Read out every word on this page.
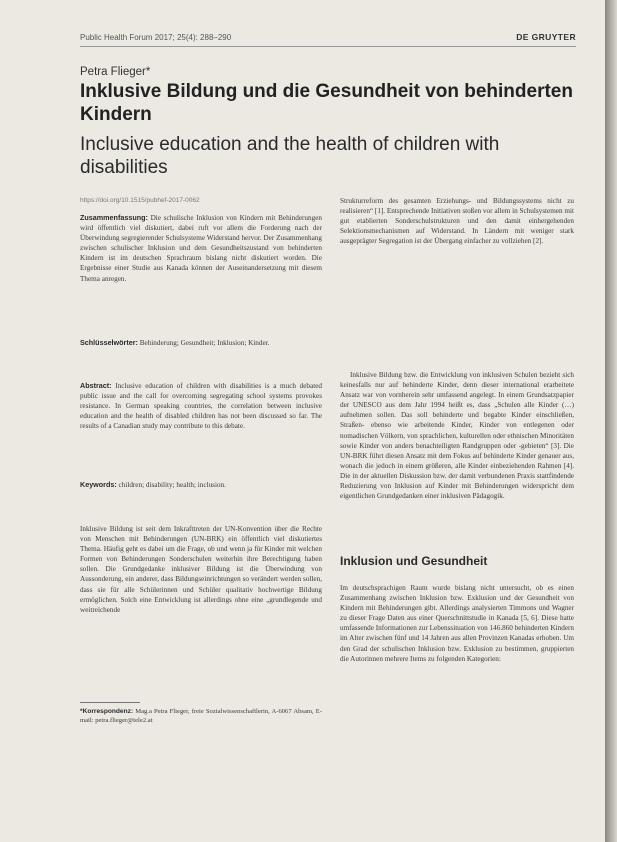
Public Health Forum 2017; 25(4): 288–290	DE GRUYTER
Petra Flieger*
Inklusive Bildung und die Gesundheit von behinderten Kindern
Inclusive education and the health of children with disabilities
https://doi.org/10.1515/pubhef-2017-0062

Zusammenfassung: Die schulische Inklusion von Kindern mit Behinderungen wird öffentlich viel diskutiert, dabei ruft vor allem die Forderung nach der Überwindung segregierender Schulsysteme Widerstand hervor. Der Zusammenhang zwischen schulischer Inklusion und dem Gesundheitszustand von behinderten Kindern ist im deutschen Sprachraum bislang nicht diskutiert worden. Die Ergebnisse einer Studie aus Kanada können der Auseinandersetzung mit diesem Thema anregen.

Schlüsselwörter: Behinderung; Gesundheit; Inklusion; Kinder.

Abstract: Inclusive education of children with disabilities is a much debated public issue and the call for overcoming segregating school systems provokes resistance. In German speaking countries, the correlation between inclusive education and the health of disabled children has not been discussed so far. The results of a Canadian study may contribute to this debate.

Keywords: children; disability; health; inclusion.

Inklusive Bildung ist seit dem Inkrafttreten der UN-Konvention über die Rechte von Menschen mit Behinderungen (UN-BRK) ein öffentlich viel diskutiertes Thema. Häufig geht es dabei um die Frage, ob und wenn ja für Kinder mit welchen Formen von Behinderungen Sonderschulen weiterhin ihre Berechtigung haben sollen. Die Grundgedanke inklusiver Bildung ist die Überwindung von Aussonderung, ein anderer, dass Bildungseinrichtungen so verändert werden sollen, dass sie für alle Schülerinnen und Schüler qualitativ hochwertige Bildung ermöglichen. Solch eine Entwicklung ist allerdings ohne eine „grundlegende und weitreichende

*Korrespondenz: Mag.a Petra Flieger, freie Sozialwissenschaftlerin, A-6067 Absam, E-mail: petra.flieger@tele2.at

Strukturreform des gesamten Erziehungs- und Bildungssystems nicht zu realisieren“ [1]. Entsprechende Initiativen stoßen vor allem in Schulsystemen mit gut etablierten Sonderschulstrukturen und den damit einhergehenden Selektionsmechanismen auf Widerstand. In Ländern mit weniger stark ausgeprägter Segregation ist der Übergang einfacher zu vollziehen [2].

Inklusive Bildung bzw. die Entwicklung von inklusiven Schulen bezieht sich keinesfalls nur auf behinderte Kinder, denn dieser international erarbeitete Ansatz war von vornherein sehr umfassend angelegt. In einem Grundsatzpapier der UNESCO aus dem Jahr 1994 heißt es, dass „Schulen alle Kinder (…) aufnehmen sollen. Das soll behinderte und begabte Kinder einschließen, Straßen- ebenso wie arbeitende Kinder, Kinder von entlegenen oder nomadischen Völkern, von sprachlichen, kulturellen oder ethnischen Minoritäten sowie Kinder von anders benachteiligten Randgruppen oder -gebieten“ [3]. Die UN-BRK führt diesen Ansatz mit dem Fokus auf behinderte Kinder genauer aus, wonach die jedoch in einem größeren, alle Kinder einbeziehenden Rahmen [4]. Die in der aktuellen Diskussion bzw. der damit verbundenen Praxis stattfindende Reduzierung von Inklusion auf Kinder mit Behinderungen widerspricht dem eigentlichen Grundgedanken einer inklusiven Pädagogik.

Inklusion und Gesundheit

Im deutschsprachigen Raum wurde bislang nicht untersucht, ob es einen Zusammenhang zwischen Inklusion bzw. Exklusion und der Gesundheit von Kindern mit Behinderungen gibt. Allerdings analysierten Timmons und Wagner zu dieser Frage Daten aus einer Querschnittstudie in Kanada [5, 6]. Diese hatte umfassende Informationen zur Lebenssituation von 146.860 behinderten Kindern im Alter zwischen fünf und 14 Jahren aus allen Provinzen Kanadas erhoben. Um den Grad der schulischen Inklusion bzw. Exklusion zu bestimmen, gruppierten die Autorinnen mehrere Items zu folgenden Kategorien:
